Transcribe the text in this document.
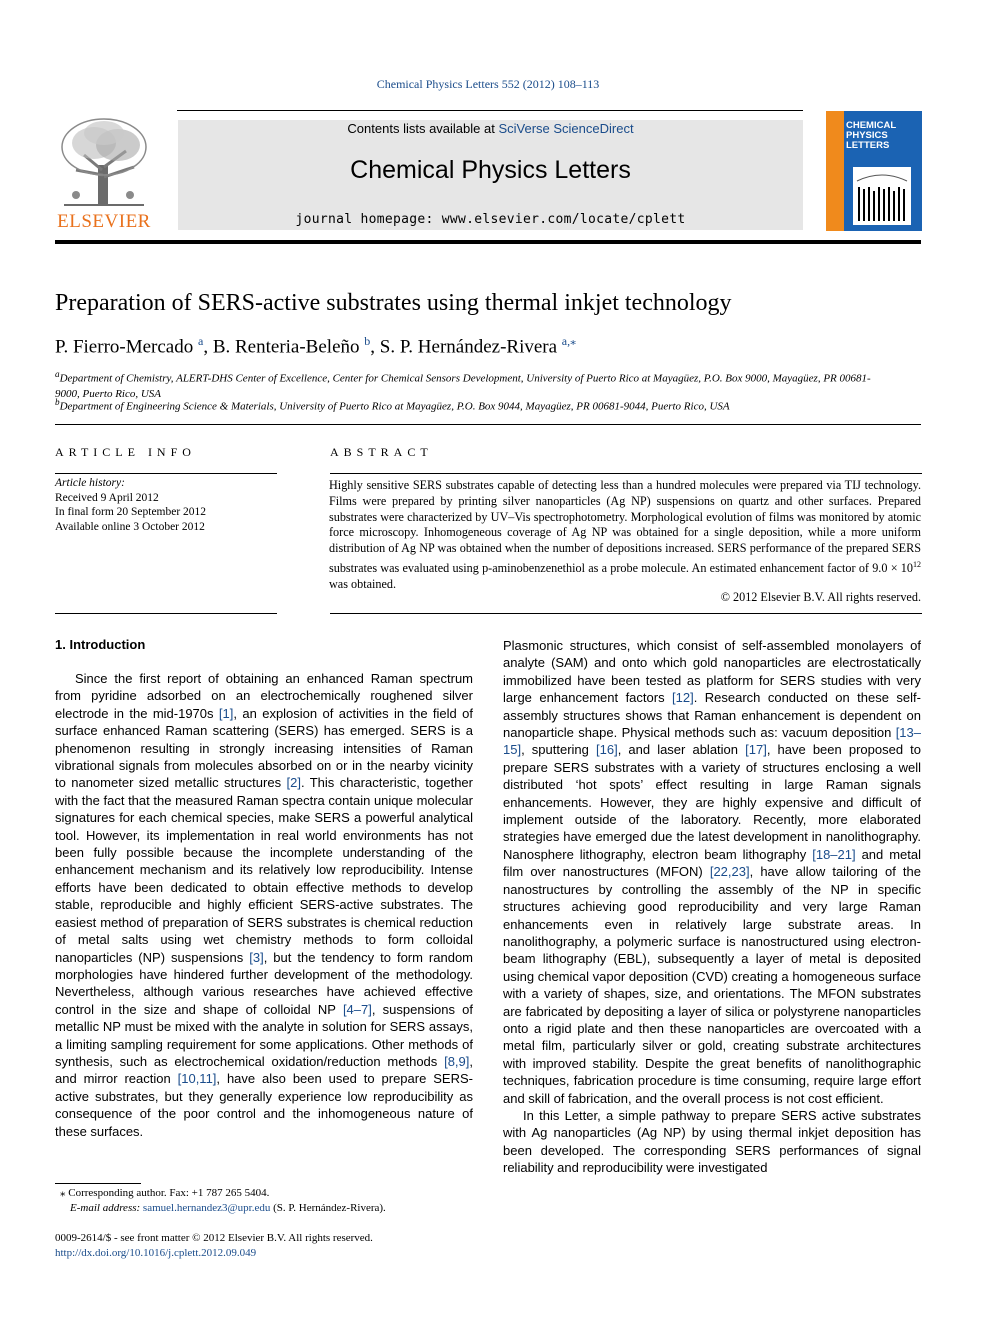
Chemical Physics Letters 552 (2012) 108–113
ELSEVIER
Contents lists available at SciVerse ScienceDirect
Chemical Physics Letters
journal homepage: www.elsevier.com/locate/cplett
CHEMICAL
PHYSICS
LETTERS
Preparation of SERS-active substrates using thermal inkjet technology
P. Fierro-Mercado $^a$, B. Renteria-Beleño $^b$, S. P. Hernández-Rivera $^{a,⁎}$
$^a$Department of Chemistry, ALERT-DHS Center of Excellence, Center for Chemical Sensors Development, University of Puerto Rico at Mayagüez, P.O. Box 9000, Mayagüez, PR 00681-9000, Puerto Rico, USA
$^b$Department of Engineering Science & Materials, University of Puerto Rico at Mayagüez, P.O. Box 9044, Mayagüez, PR 00681-9044, Puerto Rico, USA
ARTICLE INFO
Article history:
Received 9 April 2012
In final form 20 September 2012
Available online 3 October 2012
ABSTRACT
Highly sensitive SERS substrates capable of detecting less than a hundred molecules were prepared via TIJ technology. Films were prepared by printing silver nanoparticles (Ag NP) suspensions on quartz and other surfaces. Prepared substrates were characterized by UV–Vis spectrophotometry. Morphological evolution of films was monitored by atomic force microscopy. Inhomogeneous coverage of Ag NP was obtained for a single deposition, while a more uniform distribution of Ag NP was obtained when the number of depositions increased. SERS performance of the prepared SERS substrates was evaluated using p-aminobenzenethiol as a probe molecule. An estimated enhancement factor of $9.0 \times 10^{12}$ was obtained.
© 2012 Elsevier B.V. All rights reserved.
1. Introduction

Since the first report of obtaining an enhanced Raman spectrum from pyridine adsorbed on an electrochemically roughened silver electrode in the mid-1970s [1], an explosion of activities in the field of surface enhanced Raman scattering (SERS) has emerged. SERS is a phenomenon resulting in strongly increasing intensities of Raman vibrational signals from molecules absorbed on or in the nearby vicinity to nanometer sized metallic structures [2]. This characteristic, together with the fact that the measured Raman spectra contain unique molecular signatures for each chemical species, make SERS a powerful analytical tool. However, its implementation in real world environments has not been fully possible because the incomplete understanding of the enhancement mechanism and its relatively low reproducibility. Intense efforts have been dedicated to obtain effective methods to develop stable, reproducible and highly efficient SERS-active substrates. The easiest method of preparation of SERS substrates is chemical reduction of metal salts using wet chemistry methods to form colloidal nanoparticles (NP) suspensions [3], but the tendency to form random morphologies have hindered further development of the methodology. Nevertheless, although various researches have achieved effective control in the size and shape of colloidal NP [4–7], suspensions of metallic NP must be mixed with the analyte in solution for SERS assays, a limiting sampling requirement for some applications. Other methods of synthesis, such as electrochemical oxidation/reduction methods [8,9], and mirror reaction [10,11], have also been used to prepare SERS-active substrates, but they generally experience low reproducibility as consequence of the poor control and the inhomogeneous nature of these surfaces.

Plasmonic structures, which consist of self-assembled monolayers of analyte (SAM) and onto which gold nanoparticles are electrostatically immobilized have been tested as platform for SERS studies with very large enhancement factors [12]. Research conducted on these self-assembly structures shows that Raman enhancement is dependent on nanoparticle shape. Physical methods such as: vacuum deposition [13–15], sputtering [16], and laser ablation [17], have been proposed to prepare SERS substrates with a variety of structures enclosing a well distributed ‘hot spots’ effect resulting in large Raman signals enhancements. However, they are highly expensive and difficult of implement outside of the laboratory. Recently, more elaborated strategies have emerged due the latest development in nanolithography. Nanosphere lithography, electron beam lithography [18–21] and metal film over nanostructures (MFON) [22,23], have allow tailoring of the nanostructures by controlling the assembly of the NP in specific structures achieving good reproducibility and very large Raman enhancements even in relatively large substrate areas. In nanolithography, a polymeric surface is nanostructured using electron-beam lithography (EBL), subsequently a layer of metal is deposited using chemical vapor deposition (CVD) creating a homogeneous surface with a variety of shapes, size, and orientations. The MFON substrates are fabricated by depositing a layer of silica or polystyrene nanoparticles onto a rigid plate and then these nanoparticles are overcoated with a metal film, particularly silver or gold, creating substrate architectures with improved stability. Despite the great benefits of nanolithographic techniques, fabrication procedure is time consuming, require large effort and skill of fabrication, and the overall process is not cost efficient.

In this Letter, a simple pathway to prepare SERS active substrates with Ag nanoparticles (Ag NP) by using thermal inkjet deposition has been developed. The corresponding SERS performances of signal reliability and reproducibility were investigated

⁎ Corresponding author. Fax: +1 787 265 5404.
E-mail address: samuel.hernandez3@upr.edu (S. P. Hernández-Rivera).
0009-2614/$ - see front matter © 2012 Elsevier B.V. All rights reserved.
http://dx.doi.org/10.1016/j.cplett.2012.09.049
